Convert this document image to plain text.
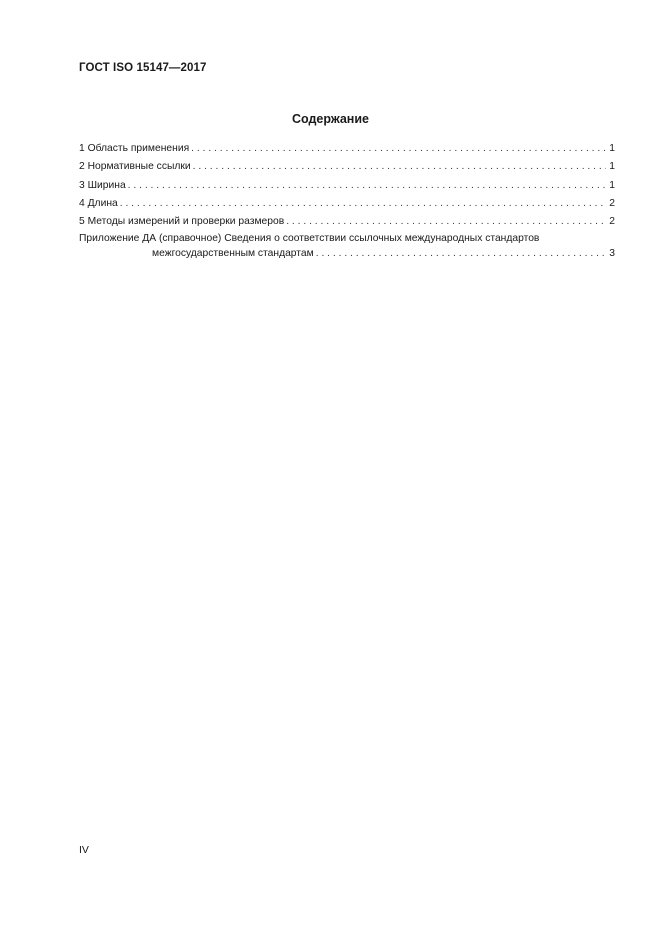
ГОСТ ISO 15147—2017
Содержание
1 Область применения . . .	1
2 Нормативные ссылки . . .	1
3 Ширина . . .	1
4 Длина . . .	2
5 Методы измерений и проверки размеров . . .	2
Приложение ДА (справочное) Сведения о соответствии ссылочных международных стандартов
межгосударственным стандартам . . .	3
IV
